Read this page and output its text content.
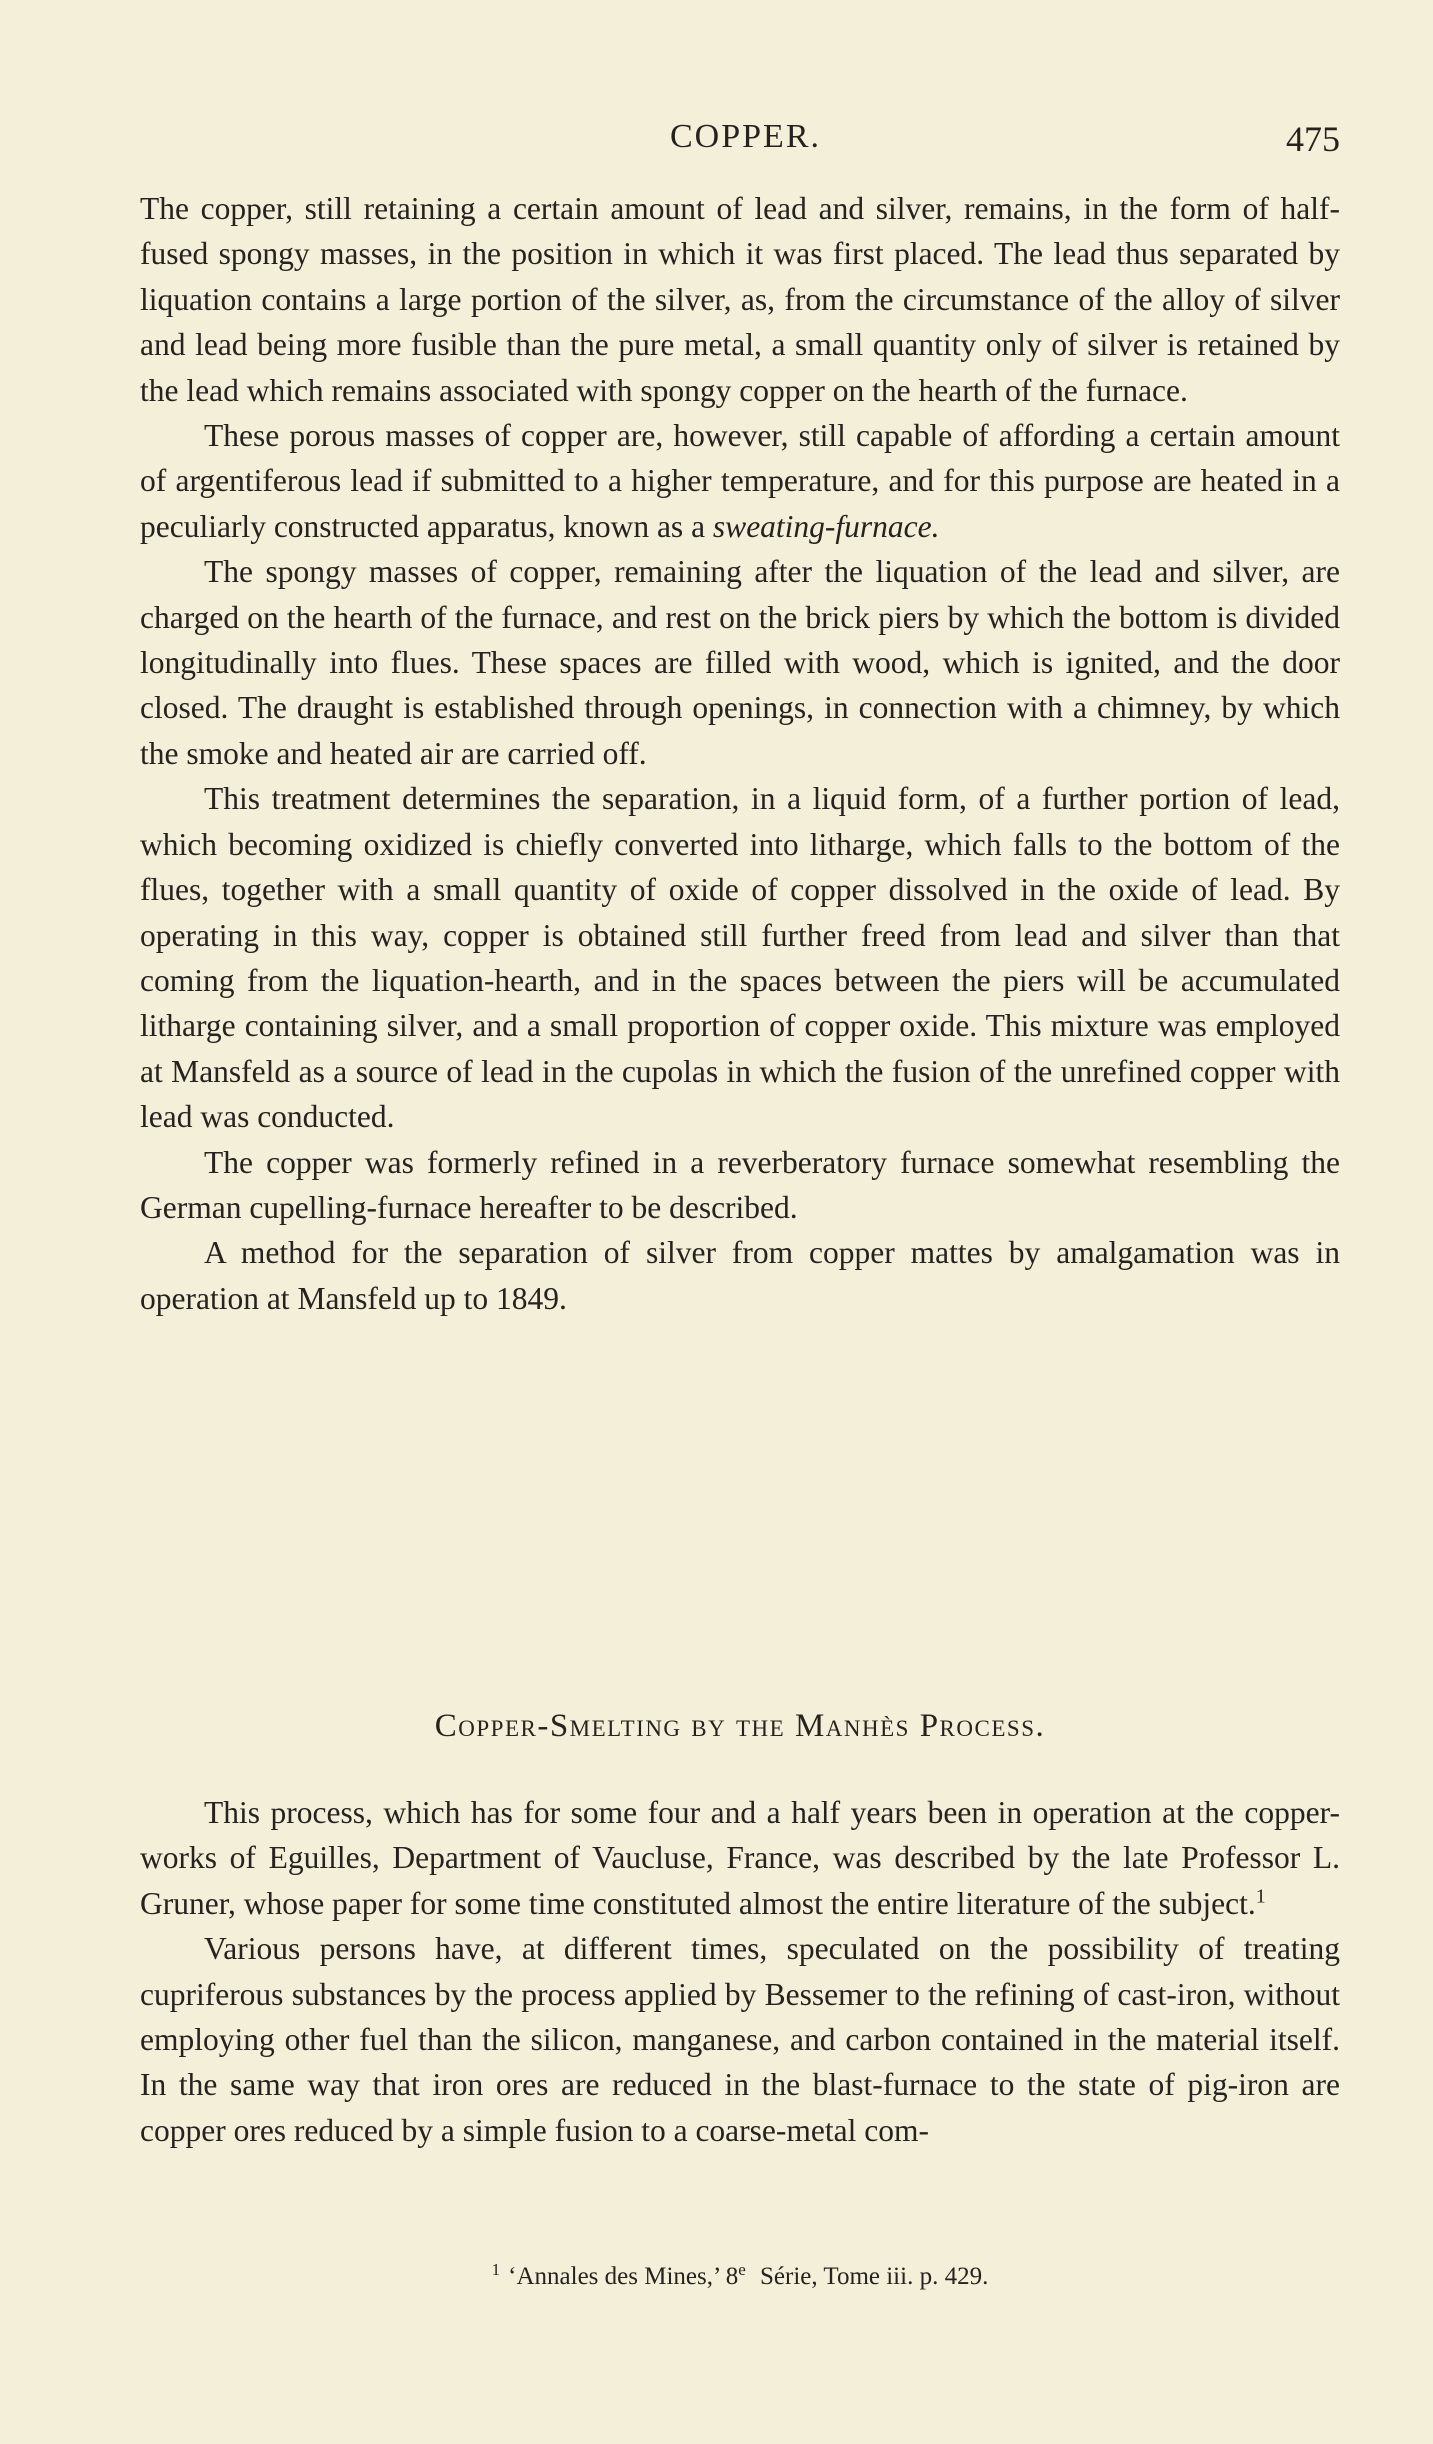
COPPER.	475

The copper, still retaining a certain amount of lead and silver, remains, in the form of half-fused spongy masses, in the position in which it was first placed. The lead thus separated by liquation contains a large portion of the silver, as, from the circumstance of the alloy of silver and lead being more fusible than the pure metal, a small quantity only of silver is retained by the lead which remains associated with spongy copper on the hearth of the furnace.

These porous masses of copper are, however, still capable of affording a certain amount of argentiferous lead if submitted to a higher temperature, and for this purpose are heated in a peculiarly constructed apparatus, known as a sweating-furnace.

The spongy masses of copper, remaining after the liquation of the lead and silver, are charged on the hearth of the furnace, and rest on the brick piers by which the bottom is divided longitudinally into flues. These spaces are filled with wood, which is ignited, and the door closed. The draught is established through openings, in connection with a chimney, by which the smoke and heated air are carried off.

This treatment determines the separation, in a liquid form, of a further portion of lead, which becoming oxidized is chiefly converted into litharge, which falls to the bottom of the flues, together with a small quantity of oxide of copper dissolved in the oxide of lead. By operating in this way, copper is obtained still further freed from lead and silver than that coming from the liquation-hearth, and in the spaces between the piers will be accumulated litharge containing silver, and a small proportion of copper oxide. This mixture was employed at Mansfeld as a source of lead in the cupolas in which the fusion of the unrefined copper with lead was conducted.

The copper was formerly refined in a reverberatory furnace somewhat resembling the German cupelling-furnace hereafter to be described.

A method for the separation of silver from copper mattes by amalgamation was in operation at Mansfeld up to 1849.

Copper-Smelting by the Manhès Process.

This process, which has for some four and a half years been in operation at the copper-works of Eguilles, Department of Vaucluse, France, was described by the late Professor L. Gruner, whose paper for some time constituted almost the entire literature of the subject.$^1$

Various persons have, at different times, speculated on the possibility of treating cupriferous substances by the process applied by Bessemer to the refining of cast-iron, without employing other fuel than the silicon, manganese, and carbon contained in the material itself. In the same way that iron ores are reduced in the blast-furnace to the state of pig-iron are copper ores reduced by a simple fusion to a coarse-metal com-

$^1$ ‘Annales des Mines,’ 8e Série, Tome iii. p. 429.
